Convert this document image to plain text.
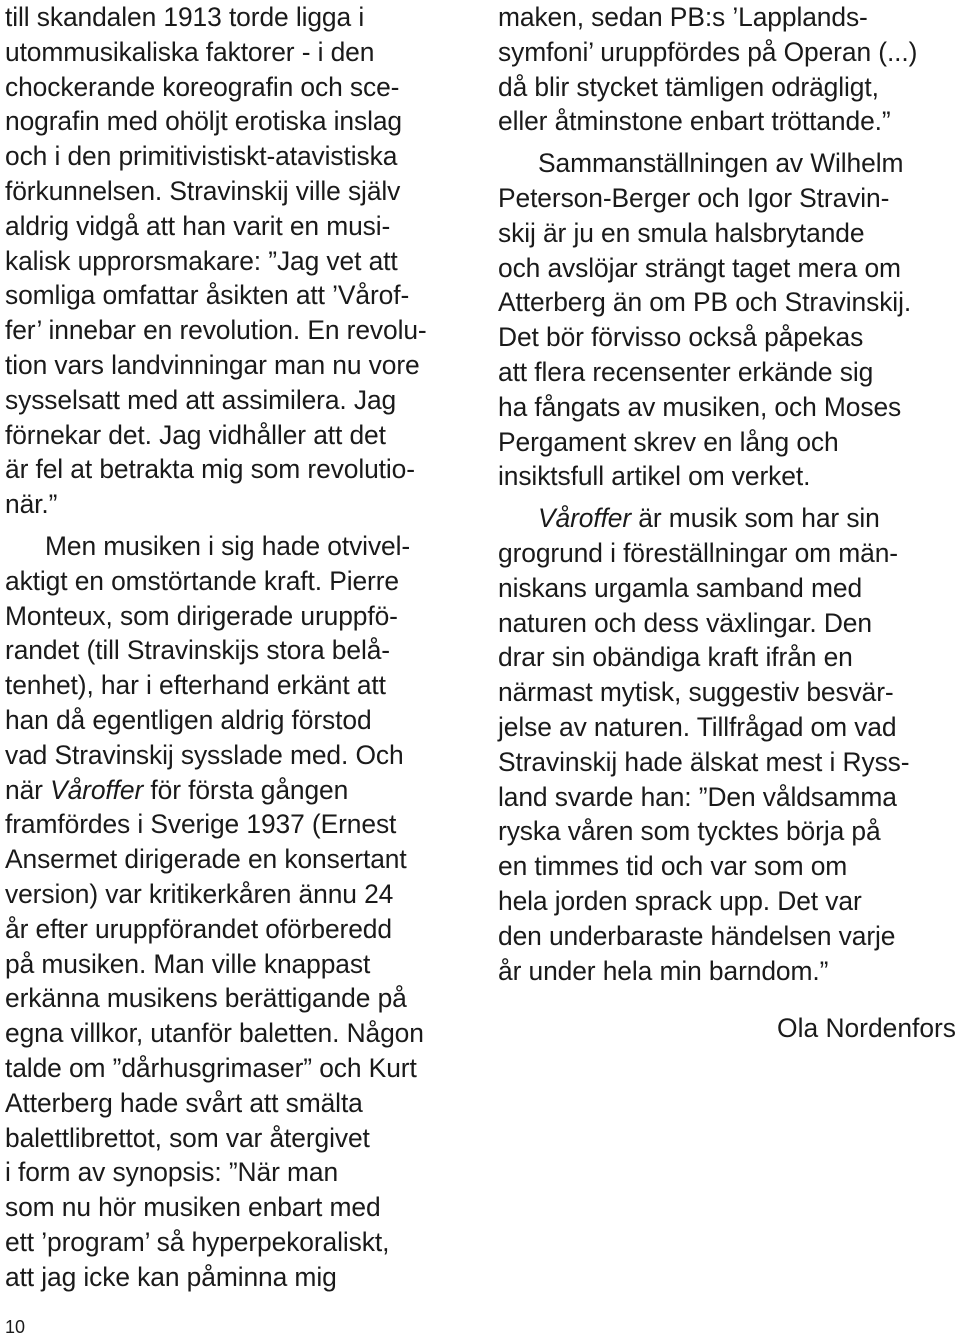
till skandalen 1913 torde ligga i
utommusikaliska faktorer - i den
chockerande koreografin och sce-
nografin med ohöljt erotiska inslag
och i den primitivistiskt-atavistiska
förkunnelsen. Stravinskij ville själv
aldrig vidgå att han varit en musi-
kalisk upprorsmakare: ”Jag vet att
somliga omfattar åsikten att ’Vårof-
fer’ innebar en revolution. En revolu-
tion vars landvinningar man nu vore
sysselsatt med att assimilera. Jag
förnekar det. Jag vidhåller att det
är fel at betrakta mig som revolutio-
när.”
Men musiken i sig hade otvivel-
aktigt en omstörtande kraft. Pierre
Monteux, som dirigerade uruppfö-
randet (till Stravinskijs stora belå-
tenhet), har i efterhand erkänt att
han då egentligen aldrig förstod
vad Stravinskij sysslade med. Och
när Våroffer för första gången
framfördes i Sverige 1937 (Ernest
Ansermet dirigerade en konsertant
version) var kritikerkåren ännu 24
år efter uruppförandet oförberedd
på musiken. Man ville knappast
erkänna musikens berättigande på
egna villkor, utanför baletten. Någon
talde om ”dårhusgrimaser” och Kurt
Atterberg hade svårt att smälta
balettlibrettot, som var återgivet
i form av synopsis: ”När man
som nu hör musiken enbart med
ett ’program’ så hyperpekoraliskt,
att jag icke kan påminna mig
maken, sedan PB:s ’Lapplands-
symfoni’ uruppfördes på Operan (...)
då blir stycket tämligen odrägligt,
eller åtminstone enbart tröttande.”
Sammanställningen av Wilhelm
Peterson-Berger och Igor Stravin-
skij är ju en smula halsbrytande
och avslöjar strängt taget mera om
Atterberg än om PB och Stravinskij.
Det bör förvisso också påpekas
att flera recensenter erkände sig
ha fångats av musiken, och Moses
Pergament skrev en lång och
insiktsfull artikel om verket.
Våroffer är musik som har sin
grogrund i föreställningar om män-
niskans urgamla samband med
naturen och dess växlingar. Den
drar sin obändiga kraft ifrån en
närmast mytisk, suggestiv besvär-
jelse av naturen. Tillfrågad om vad
Stravinskij hade älskat mest i Ryss-
land svarde han: ”Den våldsamma
ryska våren som tycktes börja på
en timmes tid och var som om
hela jorden sprack upp. Det var
den underbaraste händelsen varje
år under hela min barndom.”
Ola Nordenfors
10
